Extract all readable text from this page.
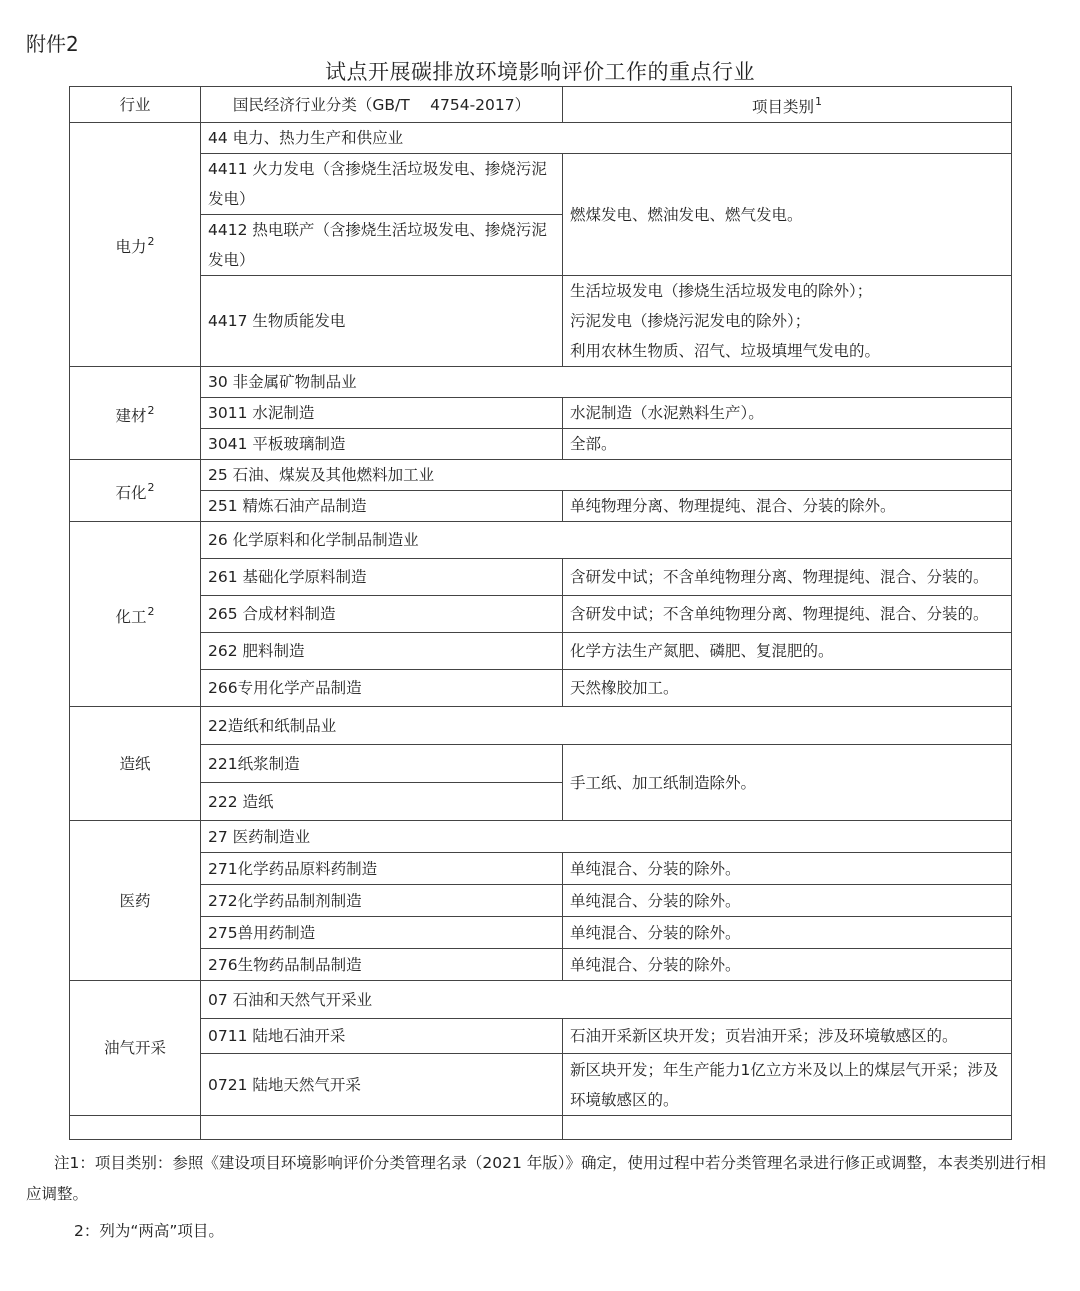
附件2
试点开展碳排放环境影响评价工作的重点行业
行业	国民经济行业分类（GB/T　 4754-2017）	项目类别$^1$
电力$^2$	44 电力、热力生产和供应业	
	4411 火力发电（含掺烧生活垃圾发电、掺烧污泥发电）	燃煤发电、燃油发电、燃气发电。
	4412 热电联产（含掺烧生活垃圾发电、掺烧污泥发电）	
	4417 生物质能发电	生活垃圾发电（掺烧生活垃圾发电的除外）；
污泥发电（掺烧污泥发电的除外）；
利用农林生物质、沼气、垃圾填埋气发电的。

建材$^2$	30 非金属矿物制品业	
	3011 水泥制造	水泥制造（水泥熟料生产）。
	3041 平板玻璃制造	全部。
石化$^2$	25 石油、煤炭及其他燃料加工业	
	251 精炼石油产品制造	单纯物理分离、物理提纯、混合、分装的除外。
化工$^2$	26 化学原料和化学制品制造业	
	261 基础化学原料制造	含研发中试；不含单纯物理分离、物理提纯、混合、分装的。
	265 合成材料制造	含研发中试；不含单纯物理分离、物理提纯、混合、分装的。
	262 肥料制造	化学方法生产氮肥、磷肥、复混肥的。
	266专用化学产品制造	天然橡胶加工。
造纸	22造纸和纸制品业	
	221纸浆制造	手工纸、加工纸制造除外。
	222 造纸	
医药	27 医药制造业	
	271化学药品原料药制造	单纯混合、分装的除外。
	272化学药品制剂制造	单纯混合、分装的除外。
	275兽用药制造	单纯混合、分装的除外。
	276生物药品制品制造	单纯混合、分装的除外。
油气开采	07 石油和天然气开采业	
	0711 陆地石油开采	石油开采新区块开发；页岩油开采；涉及环境敏感区的。
	0721 陆地天然气开采	新区块开发；年生产能力1亿立方米及以上的煤层气开采；涉及环境敏感区的。

注1：项目类别：参照《建设项目环境影响评价分类管理名录（2021 年版）》确定，使用过程中若分类管理名录进行修正或调整，本表类别进行相应调整。
2：列为“两高”项目。
